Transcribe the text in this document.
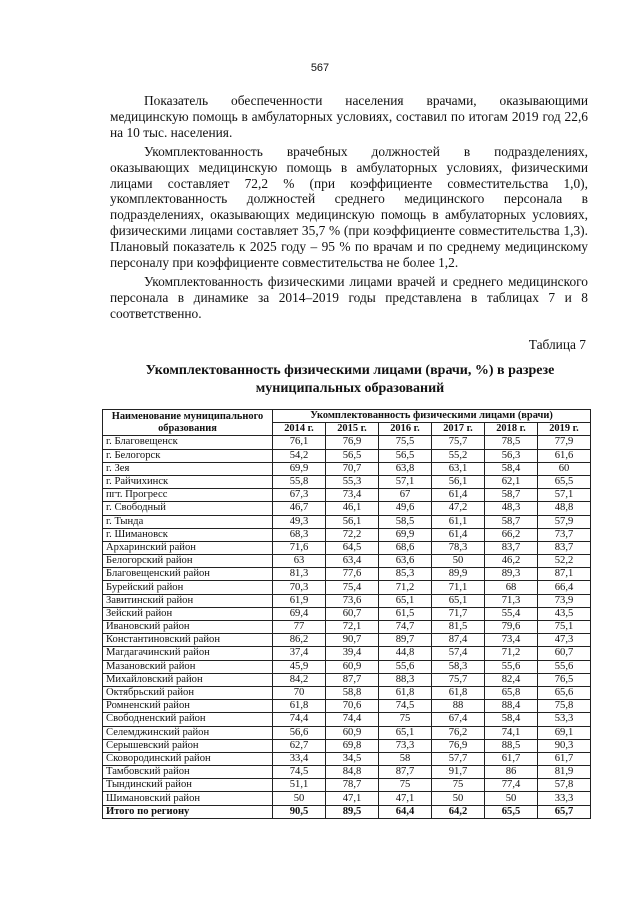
567

Показатель обеспеченности населения врачами, оказывающими медицинскую помощь в амбулаторных условиях, составил по итогам 2019 год 22,6 на 10 тыс. населения.

Укомплектованность врачебных должностей в подразделениях, оказывающих медицинскую помощь в амбулаторных условиях, физическими лицами составляет 72,2 % (при коэффициенте совместительства 1,0), укомплектованность должностей среднего медицинского персонала в подразделениях, оказывающих медицинскую помощь в амбулаторных условиях, физическими лицами составляет 35,7 % (при коэффициенте совместительства 1,3). Плановый показатель к 2025 году – 95 % по врачам и по среднему медицинскому персоналу при коэффициенте совместительства не более 1,2.

Укомплектованность физическими лицами врачей и среднего медицинского персонала в динамике за 2014–2019 годы представлена в таблицах 7 и 8 соответственно.

Таблица 7
Укомплектованность физическими лицами (врачи, %) в разрезе муниципальных образований
Наименование муниципального образования	Укомплектованность физическими лицами (врачи)					
	2014 г.	2015 г.	2016 г.	2017 г.	2018 г.	2019 г.
г. Благовещенск	76,1	76,9	75,5	75,7	78,5	77,9
г. Белогорск	54,2	56,5	56,5	55,2	56,3	61,6
г. Зея	69,9	70,7	63,8	63,1	58,4	60
г. Райчихинск	55,8	55,3	57,1	56,1	62,1	65,5
пгт. Прогресс	67,3	73,4	67	61,4	58,7	57,1
г. Свободный	46,7	46,1	49,6	47,2	48,3	48,8
г. Тында	49,3	56,1	58,5	61,1	58,7	57,9
г. Шимановск	68,3	72,2	69,9	61,4	66,2	73,7
Архаринский район	71,6	64,5	68,6	78,3	83,7	83,7
Белогорский район	63	63,4	63,6	50	46,2	52,2
Благовещенский район	81,3	77,6	85,3	89,9	89,3	87,1
Бурейский район	70,3	75,4	71,2	71,1	68	66,4
Завитинский район	61,9	73,6	65,1	65,1	71,3	73,9
Зейский район	69,4	60,7	61,5	71,7	55,4	43,5
Ивановский район	77	72,1	74,7	81,5	79,6	75,1
Константиновский район	86,2	90,7	89,7	87,4	73,4	47,3
Магдагачинский район	37,4	39,4	44,8	57,4	71,2	60,7
Мазановский район	45,9	60,9	55,6	58,3	55,6	55,6
Михайловский район	84,2	87,7	88,3	75,7	82,4	76,5
Октябрьский район	70	58,8	61,8	61,8	65,8	65,6
Ромненский район	61,8	70,6	74,5	88	88,4	75,8
Свободненский район	74,4	74,4	75	67,4	58,4	53,3
Селемджинский район	56,6	60,9	65,1	76,2	74,1	69,1
Серышевский район	62,7	69,8	73,3	76,9	88,5	90,3
Сковородинский район	33,4	34,5	58	57,7	61,7	61,7
Тамбовский район	74,5	84,8	87,7	91,7	86	81,9
Тындинский район	51,1	78,7	75	75	77,4	57,8
Шимановский район	50	47,1	47,1	50	50	33,3
Итого по региону	90,5	89,5	64,4	64,2	65,5	65,7
